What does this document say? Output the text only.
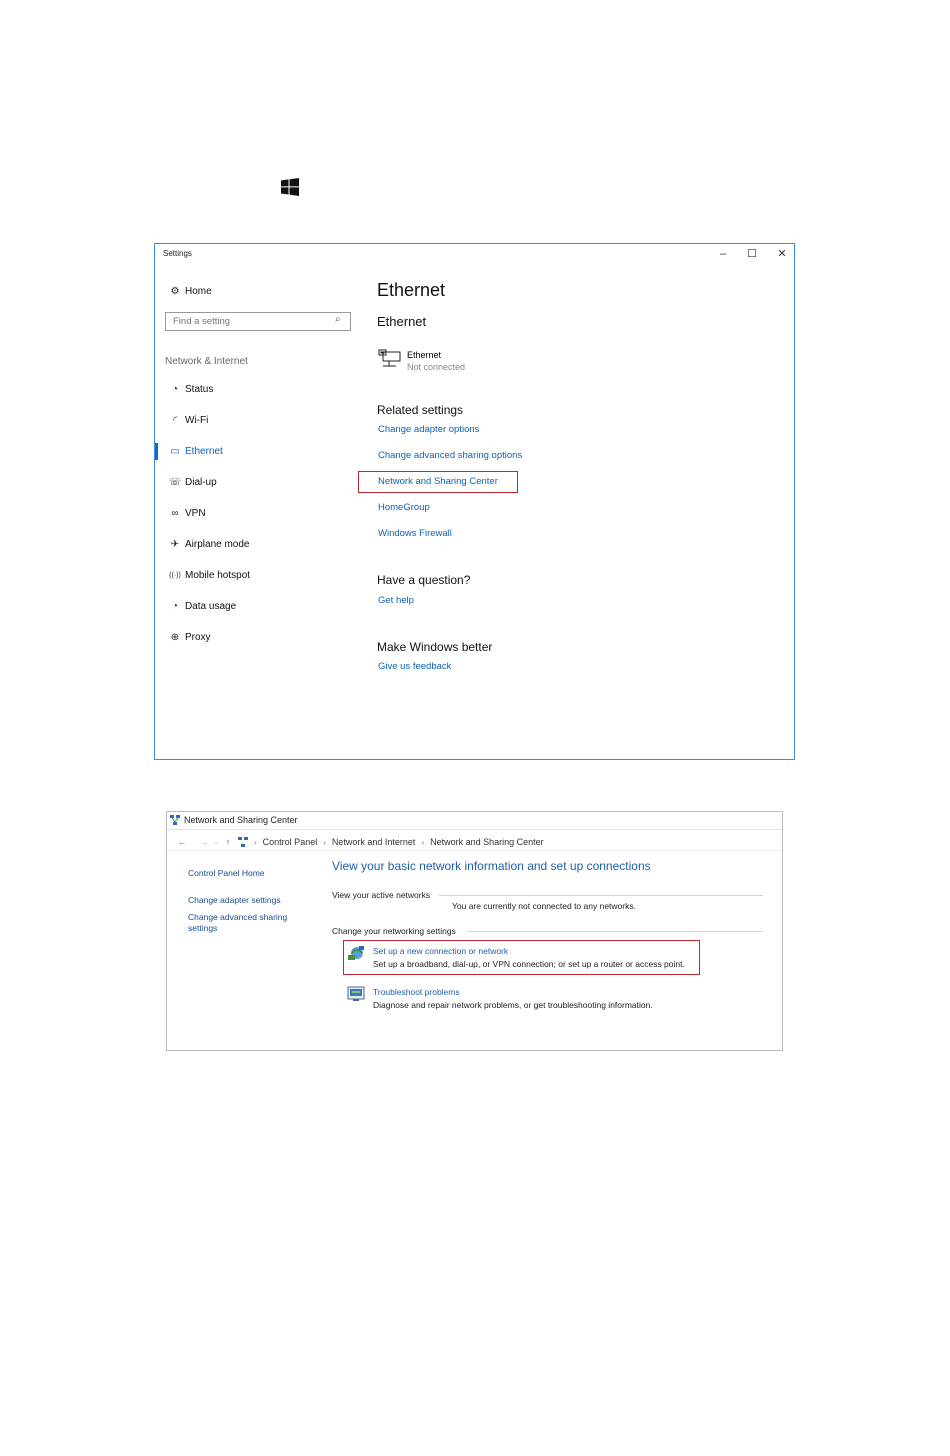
Settings	–	☐	✕
⚙ Home
Find a setting
⌕
Network & Internet
◔ Status
◜ Wi-Fi
▭ Ethernet
☏ Dial-up
∞ VPN
✈ Airplane mode
((·)) Mobile hotspot
◔ Data usage
⊕ Proxy
Ethernet
Ethernet
Ethernet
Not connected
Related settings
Change adapter options
Change advanced sharing options
Network and Sharing Center
HomeGroup
Windows Firewall
Have a question?
Get help
Make Windows better
Give us feedback
Network and Sharing Center
← → ⌄ ↑	› Control Panel › Network and Internet › Network and Sharing Center
Control Panel Home
Change adapter settings
Change advanced sharing settings
View your basic network information and set up connections
View your active networks
You are currently not connected to any networks.
Change your networking settings
Set up a new connection or network
Set up a broadband, dial-up, or VPN connection; or set up a router or access point.
Troubleshoot problems
Diagnose and repair network problems, or get troubleshooting information.
